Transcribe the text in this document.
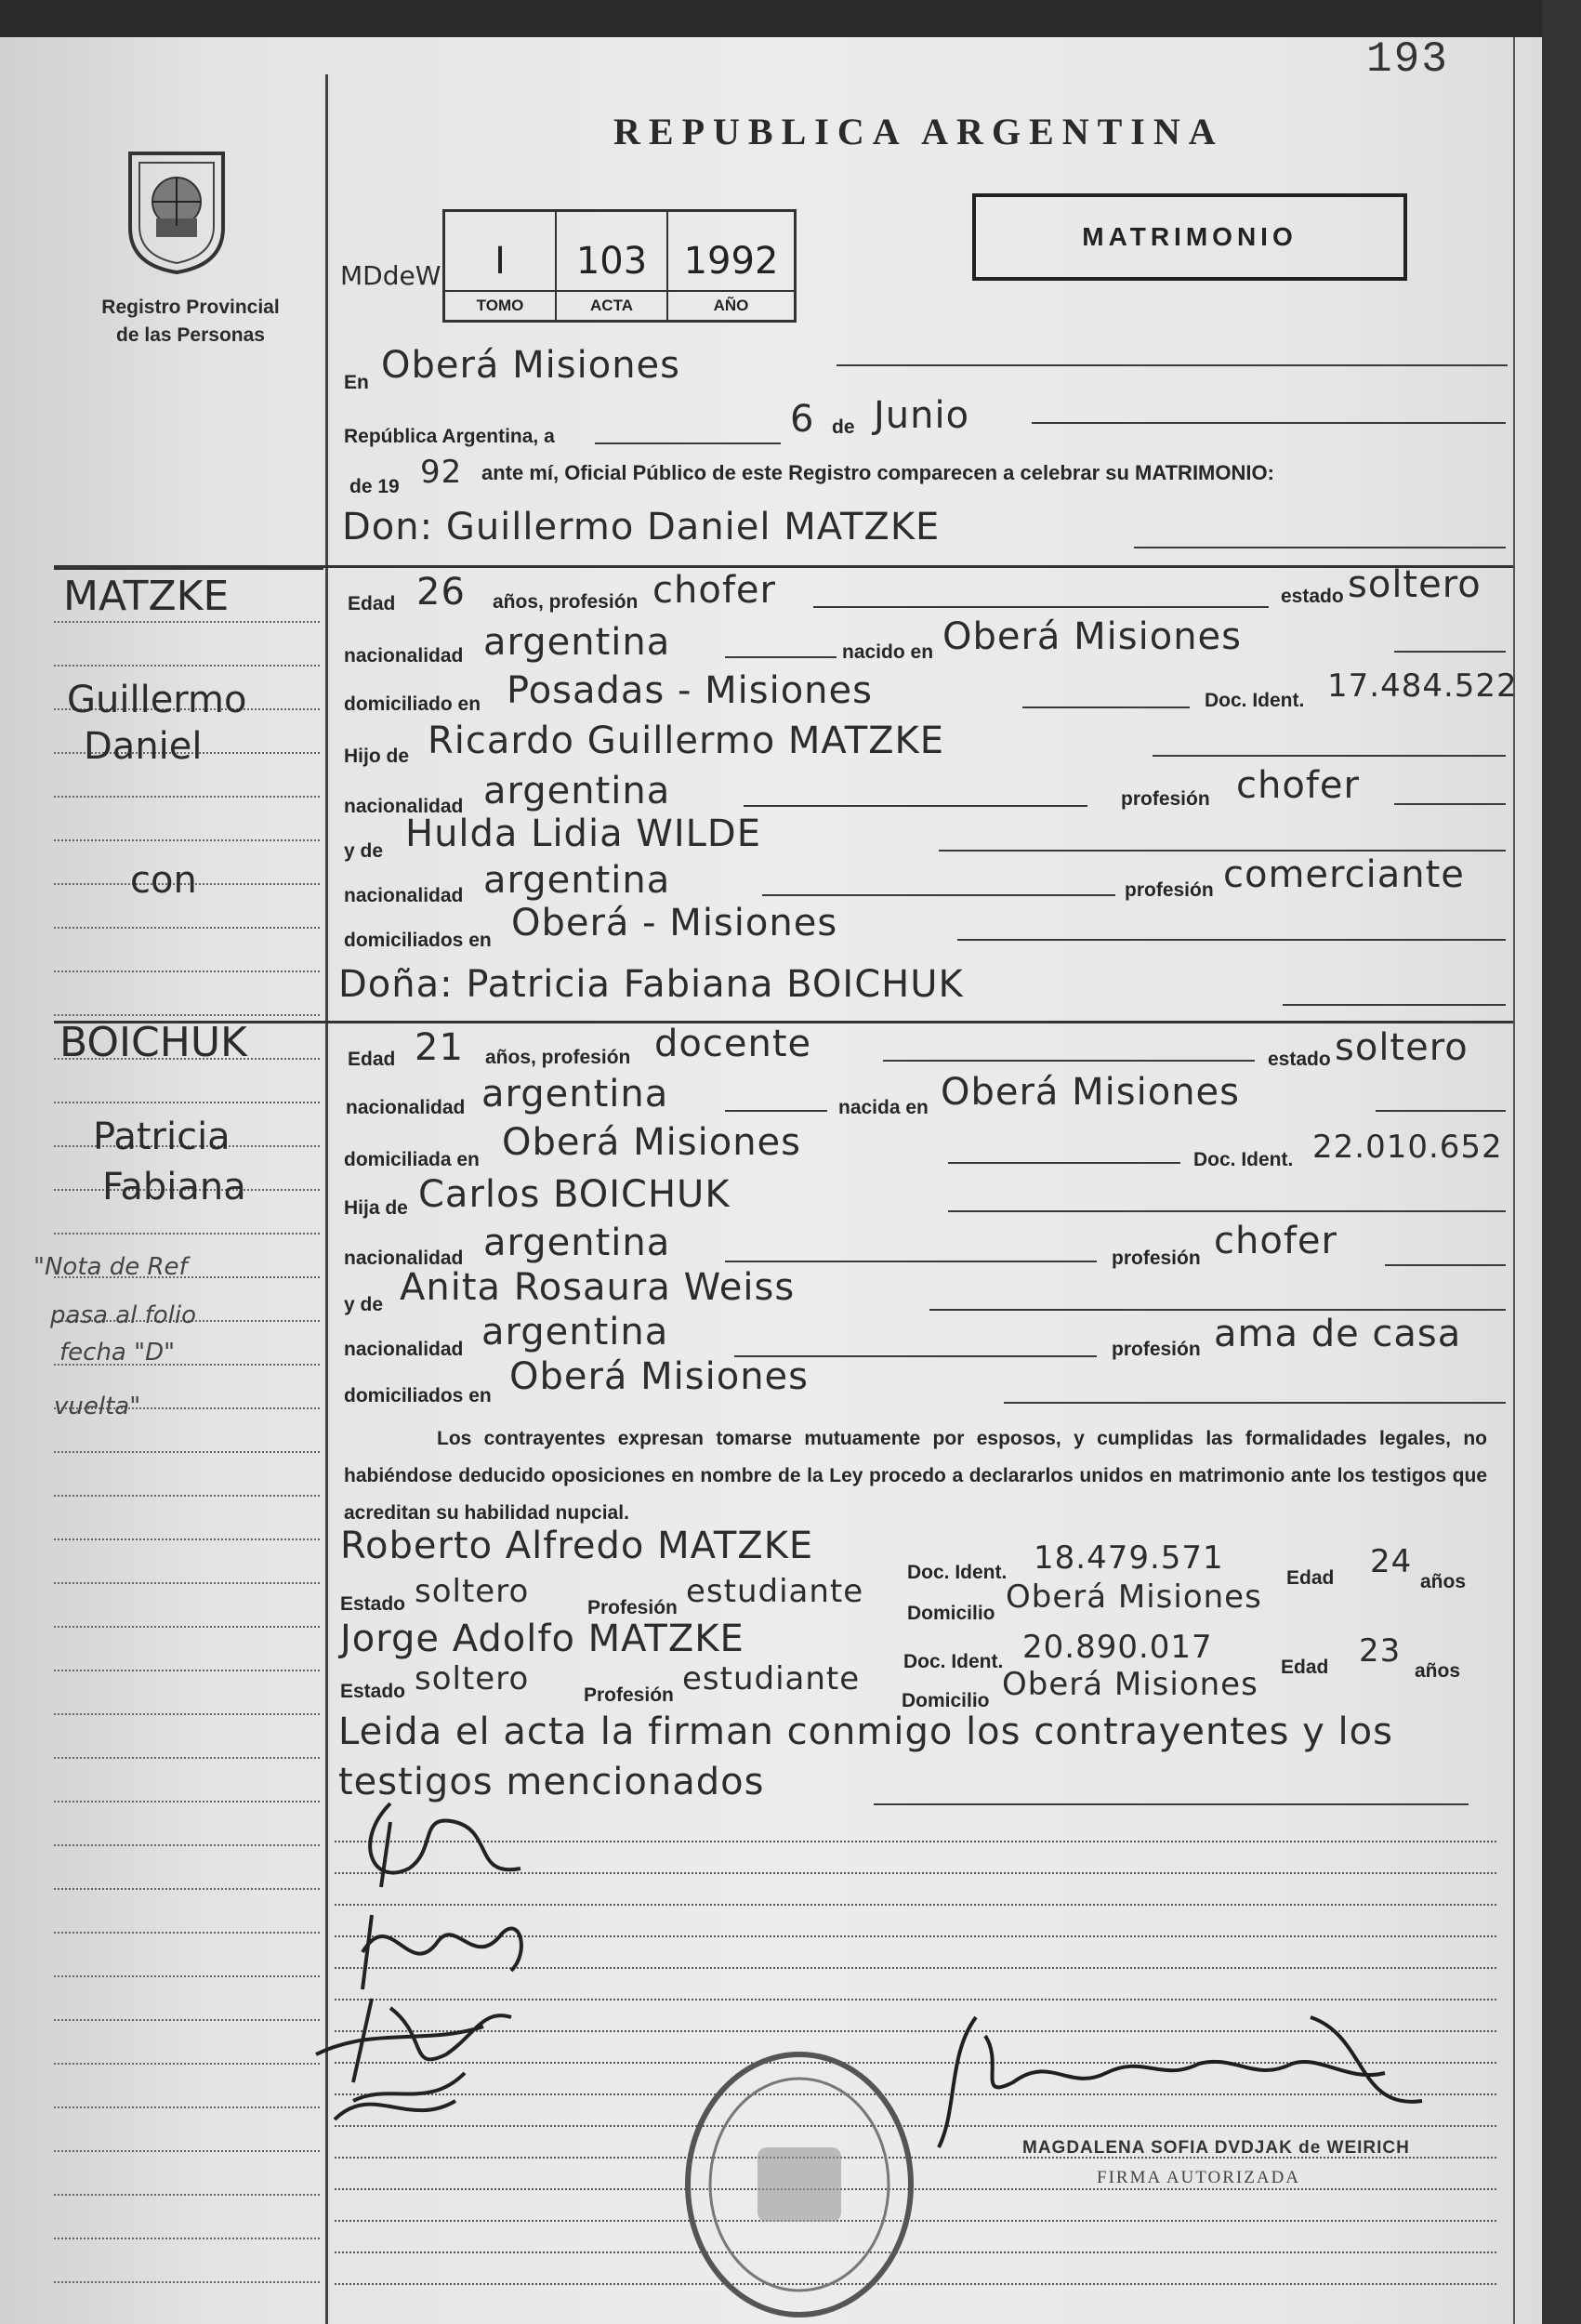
193
REPUBLICA ARGENTINA
Registro Provincial
de las Personas
MDdeW	I
TOMO
103
ACTA
1992
AÑO
MATRIMONIO
En Oberá Misiones
República Argentina, a	6 de Junio
de 19 92 ante mí, Oficial Público de este Registro comparecen a celebrar su MATRIMONIO:
Don: Guillermo Daniel MATZKE
Edad 26 años, profesión chofer	estado soltero
nacionalidad argentina	nacido en Oberá Misiones
domiciliado en Posadas - Misiones	Doc. Ident. 17.484.522
Hijo de Ricardo Guillermo MATZKE
nacionalidad argentina	profesión chofer
y de Hulda Lidia WILDE
nacionalidad argentina	profesión comerciante
domiciliados en Oberá - Misiones
Doña: Patricia Fabiana BOICHUK
Edad 21 años, profesión docente	estado soltero
nacionalidad argentina	nacida en Oberá Misiones
domiciliada en Oberá Misiones	Doc. Ident. 22.010.652
Hija de Carlos BOICHUK
nacionalidad argentina	profesión chofer
y de Anita Rosaura Weiss
nacionalidad argentina	profesión ama de casa
domiciliados en Oberá Misiones
Los contrayentes expresan tomarse mutuamente por esposos, y cumplidas las formalidades legales, no habiéndose deducido oposiciones en nombre de la Ley procedo a declararlos unidos en matrimonio ante los testigos que acreditan su habilidad nupcial.
Roberto Alfredo MATZKE
Doc. Ident. 18.479.571
Edad 24
años
Estado soltero	Profesión estudiante
Domicilio Oberá Misiones
Jorge Adolfo MATZKE
Doc. Ident. 20.890.017
Edad 23
años
Estado soltero	Profesión estudiante
Domicilio Oberá Misiones
Leida el acta la firman conmigo los contrayentes y los
testigos mencionados
MATZKE
Guillermo
Daniel
con
BOICHUK
Patricia
Fabiana
"Nota de Ref
pasa al folio
fecha "D"
vuelta"
MAGDALENA SOFIA DVDJAK de WEIRICH
FIRMA AUTORIZADA
